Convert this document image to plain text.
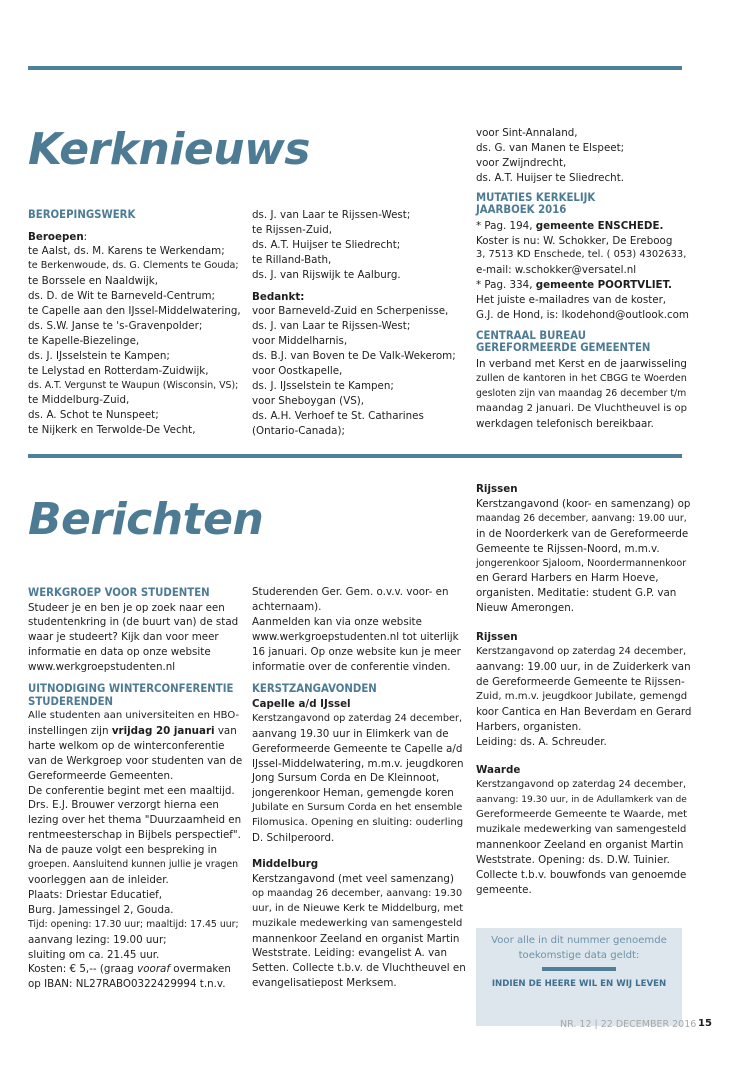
Kerknieuws

BEROEPINGSWERK

Beroepen:

te Aalst, ds. M. Karens te Werkendam;

te Berkenwoude, ds. G. Clements te Gouda;

te Borssele en Naaldwijk,

ds. D. de Wit te Barneveld-Centrum;

te Capelle aan den IJssel-Middelwatering,

ds. S.W. Janse te 's-Gravenpolder;

te Kapelle-Biezelinge,

ds. J. IJsselstein te Kampen;

te Lelystad en Rotterdam-Zuidwijk,

ds. A.T. Vergunst te Waupun (Wisconsin, VS);

te Middelburg-Zuid,

ds. A. Schot te Nunspeet;

te Nijkerk en Terwolde-De Vecht,

ds. J. van Laar te Rijssen-West;

te Rijssen-Zuid,

ds. A.T. Huijser te Sliedrecht;

te Rilland-Bath,

ds. J. van Rijswijk te Aalburg.

Bedankt:

voor Barneveld-Zuid en Scherpenisse,

ds. J. van Laar te Rijssen-West;

voor Middelharnis,

ds. B.J. van Boven te De Valk-Wekerom;

voor Oostkapelle,

ds. J. IJsselstein te Kampen;

voor Sheboygan (VS),

ds. A.H. Verhoef te St. Catharines

(Ontario-Canada);

voor Sint-Annaland,

ds. G. van Manen te Elspeet;

voor Zwijndrecht,

ds. A.T. Huijser te Sliedrecht.

MUTATIES KERKELIJK

JAARBOEK 2016

* Pag. 194, gemeente ENSCHEDE.

Koster is nu: W. Schokker, De Ereboog

3, 7513 KD Enschede, tel. ( 053) 4302633,

e-mail: w.schokker@versatel.nl

* Pag. 334, gemeente POORTVLIET.

Het juiste e-mailadres van de koster,

G.J. de Hond, is: lkodehond@outlook.com

CENTRAAL BUREAU

GEREFORMEERDE GEMEENTEN

In verband met Kerst en de jaarwisseling

zullen de kantoren in het CBGG te Woerden

gesloten zijn van maandag 26 december t/m

maandag 2 januari. De Vluchtheuvel is op

werkdagen telefonisch bereikbaar.

Berichten

WERKGROEP VOOR STUDENTEN

Studeer je en ben je op zoek naar een

studentenkring in (de buurt van) de stad

waar je studeert? Kijk dan voor meer

informatie en data op onze website

www.werkgroepstudenten.nl

UITNODIGING WINTERCONFERENTIE

STUDERENDEN

Alle studenten aan universiteiten en HBO-

instellingen zijn vrijdag 20 januari van

harte welkom op de winterconferentie

van de Werkgroep voor studenten van de

Gereformeerde Gemeenten.

De conferentie begint met een maaltijd.

Drs. E.J. Brouwer verzorgt hierna een

lezing over het thema "Duurzaamheid en

rentmeesterschap in Bijbels perspectief".

Na de pauze volgt een bespreking in

groepen. Aansluitend kunnen jullie je vragen

voorleggen aan de inleider.

Plaats: Driestar Educatief,

Burg. Jamessingel 2, Gouda.

Tijd: opening: 17.30 uur; maaltijd: 17.45 uur;

aanvang lezing: 19.00 uur;

sluiting om ca. 21.45 uur.

Kosten: € 5,-- (graag vooraf overmaken

op IBAN: NL27RABO0322429994 t.n.v.

Studerenden Ger. Gem. o.v.v. voor- en

achternaam).

Aanmelden kan via onze website

www.werkgroepstudenten.nl tot uiterlijk

16 januari. Op onze website kun je meer

informatie over de conferentie vinden.

KERSTZANGAVONDEN

Capelle a/d IJssel

Kerstzangavond op zaterdag 24 december,

aanvang 19.30 uur in Elimkerk van de

Gereformeerde Gemeente te Capelle a/d

IJssel-Middelwatering, m.m.v. jeugdkoren

Jong Sursum Corda en De Kleinnoot,

jongerenkoor Heman, gemengde koren

Jubilate en Sursum Corda en het ensemble

Filomusica. Opening en sluiting: ouderling

D. Schilperoord.

Middelburg

Kerstzangavond (met veel samenzang)

op maandag 26 december, aanvang: 19.30

uur, in de Nieuwe Kerk te Middelburg, met

muzikale medewerking van samengesteld

mannenkoor Zeeland en organist Martin

Weststrate. Leiding: evangelist A. van

Setten. Collecte t.b.v. de Vluchtheuvel en

evangelisatiepost Merksem.

Rijssen

Kerstzangavond (koor- en samenzang) op

maandag 26 december, aanvang: 19.00 uur,

in de Noorderkerk van de Gereformeerde

Gemeente te Rijssen-Noord, m.m.v.

jongerenkoor Sjaloom, Noordermannenkoor

en Gerard Harbers en Harm Hoeve,

organisten. Meditatie: student G.P. van

Nieuw Amerongen.

Rijssen

Kerstzangavond op zaterdag 24 december,

aanvang: 19.00 uur, in de Zuiderkerk van

de Gereformeerde Gemeente te Rijssen-

Zuid, m.m.v. jeugdkoor Jubilate, gemengd

koor Cantica en Han Beverdam en Gerard

Harbers, organisten.

Leiding: ds. A. Schreuder.

Waarde

Kerstzangavond op zaterdag 24 december,

aanvang: 19.30 uur, in de Adullamkerk van de

Gereformeerde Gemeente te Waarde, met

muzikale medewerking van samengesteld

mannenkoor Zeeland en organist Martin

Weststrate. Opening: ds. D.W. Tuinier.

Collecte t.b.v. bouwfonds van genoemde

gemeente.

Voor alle in dit nummer genoemde
toekomstige data geldt:
INDIEN DE HEERE WIL EN WIJ LEVEN
NR. 12 | 22 DECEMBER 2016 15
